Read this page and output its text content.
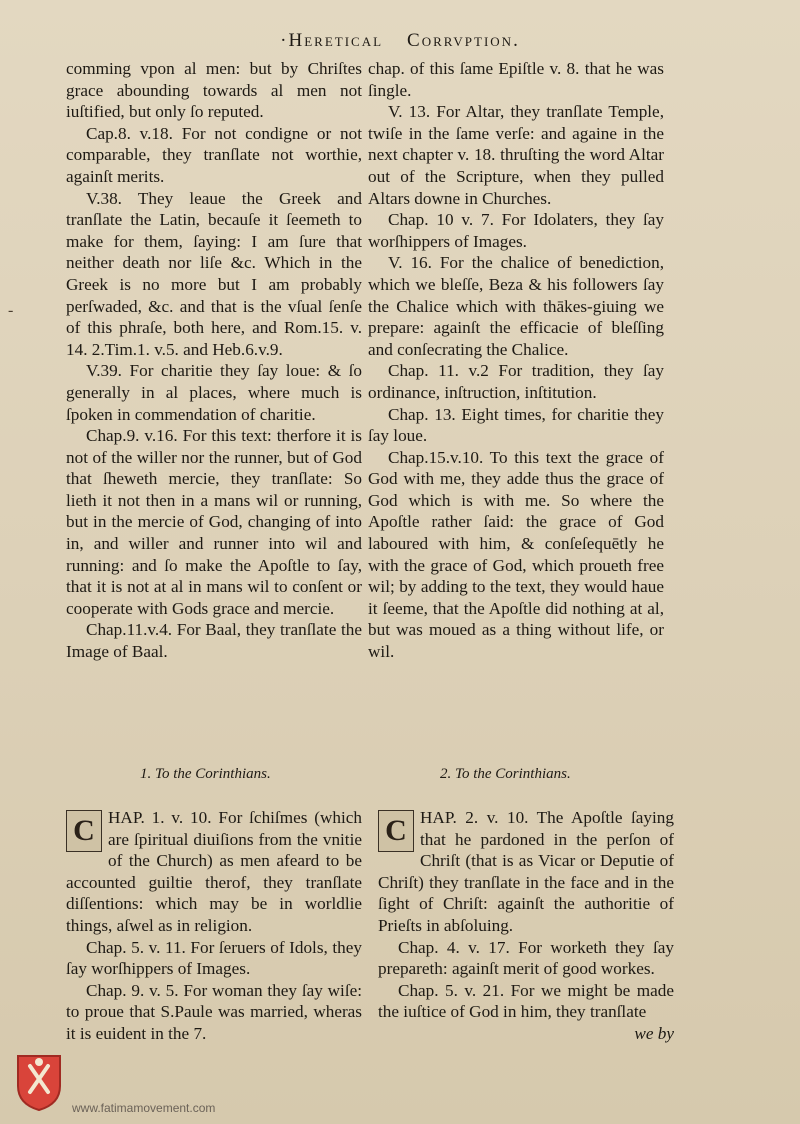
·Heretical Corrvption.
-

comming vpon al men: but by Chriſtes grace abounding towards al men not iuſtified, but only ſo reputed.

Cap.8. v.18. For not condigne or not comparable, they tranſlate not worthie, againſt merits.

V.38. They leaue the Greek and tranſlate the Latin, becauſe it ſeemeth to make for them, ſaying: I am ſure that neither death nor liſe &c. Which in the Greek is no more but I am probably perſwaded, &c. and that is the vſual ſenſe of this phraſe, both here, and Rom.15. v. 14. 2.Tim.1. v.5. and Heb.6.v.9.

V.39. For charitie they ſay loue: & ſo generally in al places, where much is ſpoken in commendation of charitie.

Chap.9. v.16. For this text: therfore it is not of the willer nor the runner, but of God that ſheweth mercie, they tranſlate: So lieth it not then in a mans wil or running, but in the mercie of God, changing of into in, and willer and runner into wil and running: and ſo make the Apoſtle to ſay, that it is not at al in mans wil to conſent or cooperate with Gods grace and mercie.

Chap.11.v.4. For Baal, they tranſlate the Image of Baal.

chap. of this ſame Epiſtle v. 8. that he was ſingle.

V. 13. For Altar, they tranſlate Temple, twiſe in the ſame verſe: and againe in the next chapter v. 18. thruſting the word Altar out of the Scripture, when they pulled Altars downe in Churches.

Chap. 10 v. 7. For Idolaters, they ſay worſhippers of Images.

V. 16. For the chalice of benediction, which we bleſſe, Beza & his followers ſay the Chalice which with thākes-giuing we prepare: againſt the efficacie of bleſſing and conſecrating the Chalice.

Chap. 11. v.2 For tradition, they ſay ordinance, inſtruction, inſtitution.

Chap. 13. Eight times, for charitie they ſay loue.

Chap.15.v.10. To this text the grace of God with me, they adde thus the grace of God which is with me. So where the Apoſtle rather ſaid: the grace of God laboured with him, & conſeſequētly he with the grace of God, which proueth free wil; by adding to the text, they would haue it ſeeme, that the Apoſtle did nothing at al, but was moued as a thing without life, or wil.

1. To the Corinthians.	2. To the Corinthians.

C HAP. 1. v. 10. For ſchiſmes (which are ſpiritual diuiſions from the vnitie of the Church) as men afeard to be accounted guiltie therof, they tranſlate diſſentions: which may be in worldlie things, aſwel as in religion.

Chap. 5. v. 11. For ſeruers of Idols, they ſay worſhippers of Images.

Chap. 9. v. 5. For woman they ſay wiſe: to proue that S.Paule was married, wheras it is euident in the 7.

C HAP. 2. v. 10. The Apoſtle ſaying that he pardoned in the perſon of Chriſt (that is as Vicar or Deputie of Chriſt) they tranſlate in the face and in the ſight of Chriſt: againſt the authoritie of Prieſts in abſoluing.

Chap. 4. v. 17. For worketh they ſay prepareth: againſt merit of good workes.

Chap. 5. v. 21. For we might be made the iuſtice of God in him, they tranſlate

we by
www.fatimamovement.com
